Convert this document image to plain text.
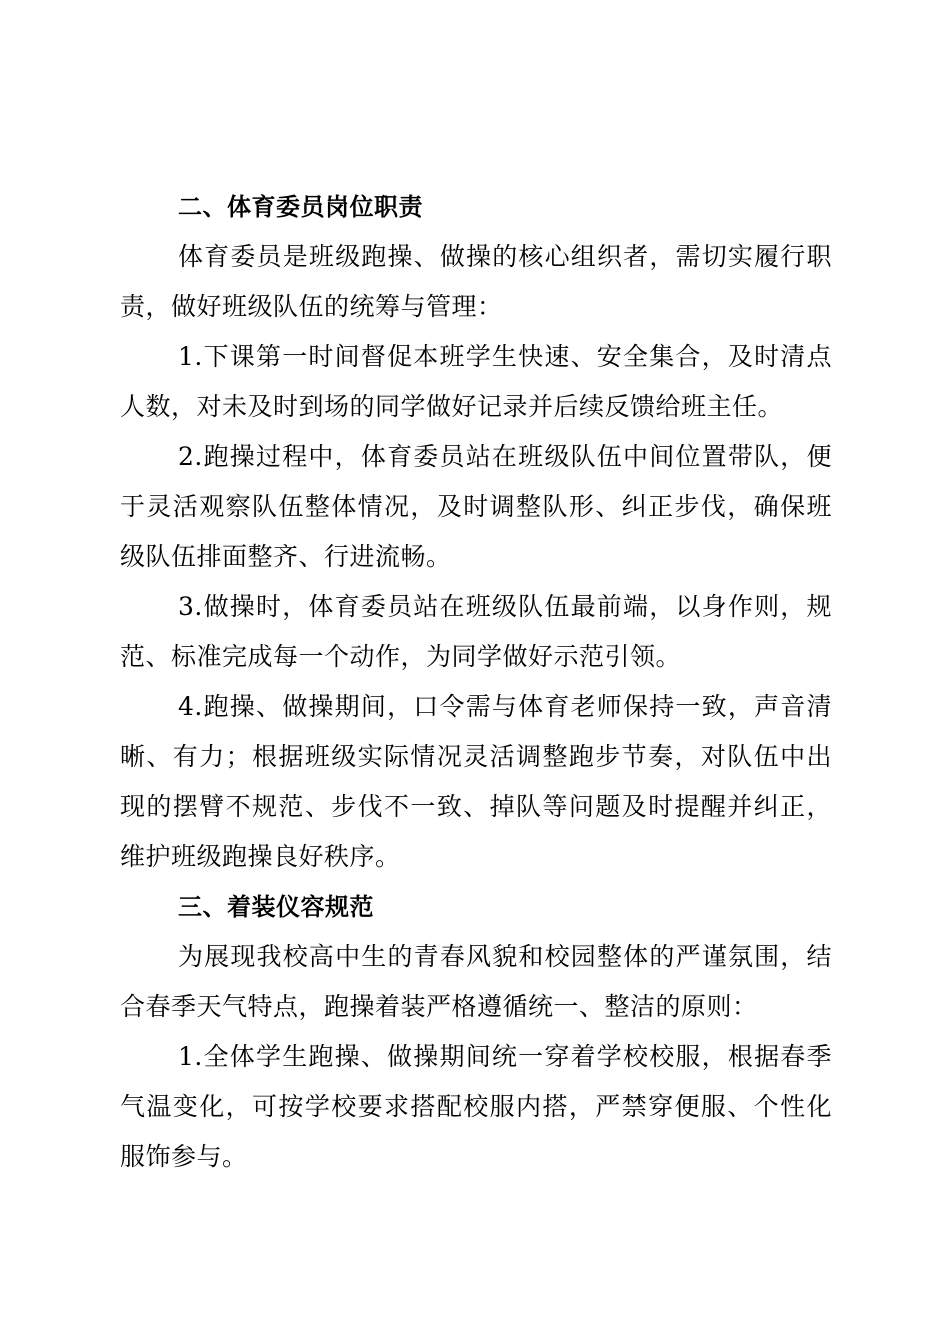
二、体育委员岗位职责

体育委员是班级跑操、做操的核心组织者，需切实履行职责，做好班级队伍的统筹与管理：

1.下课第一时间督促本班学生快速、安全集合，及时清点人数，对未及时到场的同学做好记录并后续反馈给班主任。

2.跑操过程中，体育委员站在班级队伍中间位置带队，便于灵活观察队伍整体情况，及时调整队形、纠正步伐，确保班级队伍排面整齐、行进流畅。

3.做操时，体育委员站在班级队伍最前端，以身作则，规范、标准完成每一个动作，为同学做好示范引领。

4.跑操、做操期间，口令需与体育老师保持一致，声音清晰、有力；根据班级实际情况灵活调整跑步节奏，对队伍中出现的摆臂不规范、步伐不一致、掉队等问题及时提醒并纠正，维护班级跑操良好秩序。

三、着装仪容规范

为展现我校高中生的青春风貌和校园整体的严谨氛围，结合春季天气特点，跑操着装严格遵循统一、整洁的原则：

1.全体学生跑操、做操期间统一穿着学校校服，根据春季气温变化，可按学校要求搭配校服内搭，严禁穿便服、个性化服饰参与。
